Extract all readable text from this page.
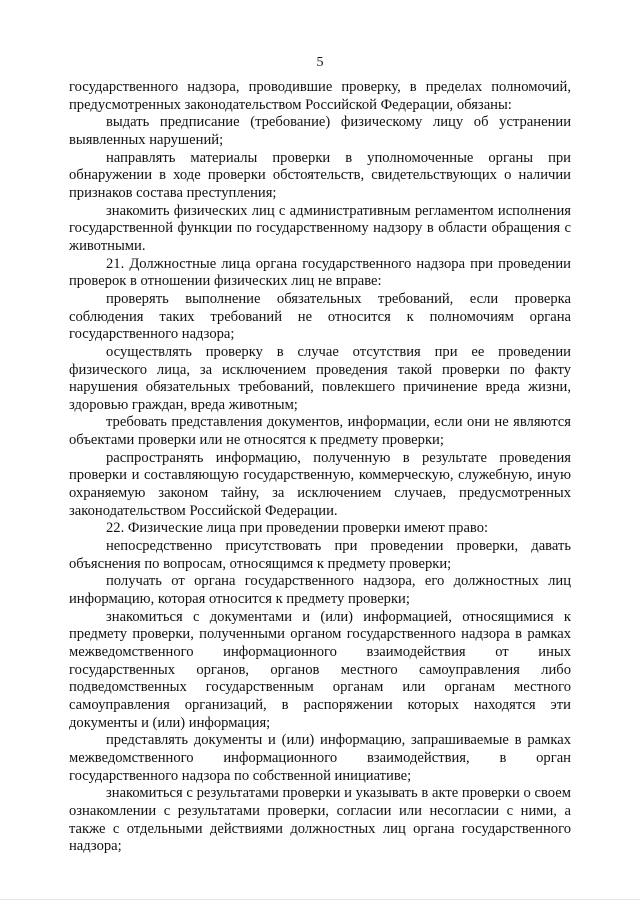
5

государственного надзора, проводившие проверку, в пределах полномочий, предусмотренных законодательством Российской Федерации, обязаны:

выдать предписание (требование) физическому лицу об устранении выявленных нарушений;

направлять материалы проверки в уполномоченные органы при обнаружении в ходе проверки обстоятельств, свидетельствующих о наличии признаков состава преступления;

знакомить физических лиц с административным регламентом исполнения государственной функции по государственному надзору в области обращения с животными.

21. Должностные лица органа государственного надзора при проведении проверок в отношении физических лиц не вправе:

проверять выполнение обязательных требований, если проверка соблюдения таких требований не относится к полномочиям органа государственного надзора;

осуществлять проверку в случае отсутствия при ее проведении физического лица, за исключением проведения такой проверки по факту нарушения обязательных требований, повлекшего причинение вреда жизни, здоровью граждан, вреда животным;

требовать представления документов, информации, если они не являются объектами проверки или не относятся к предмету проверки;

распространять информацию, полученную в результате проведения проверки и составляющую государственную, коммерческую, служебную, иную охраняемую законом тайну, за исключением случаев, предусмотренных законодательством Российской Федерации.

22. Физические лица при проведении проверки имеют право:

непосредственно присутствовать при проведении проверки, давать объяснения по вопросам, относящимся к предмету проверки;

получать от органа государственного надзора, его должностных лиц информацию, которая относится к предмету проверки;

знакомиться с документами и (или) информацией, относящимися к предмету проверки, полученными органом государственного надзора в рамках межведомственного информационного взаимодействия от иных государственных органов, органов местного самоуправления либо подведомственных государственным органам или органам местного самоуправления организаций, в распоряжении которых находятся эти документы и (или) информация;

представлять документы и (или) информацию, запрашиваемые в рамках межведомственного информационного взаимодействия, в орган государственного надзора по собственной инициативе;

знакомиться с результатами проверки и указывать в акте проверки о своем ознакомлении с результатами проверки, согласии или несогласии с ними, а также с отдельными действиями должностных лиц органа государственного надзора;
